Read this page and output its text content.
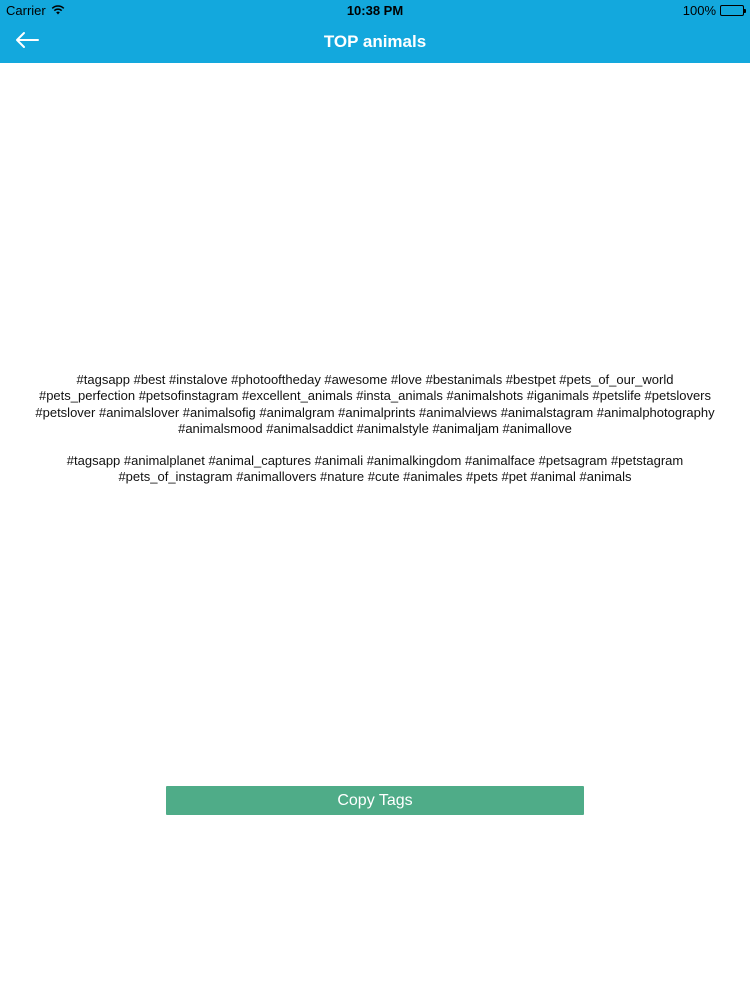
Carrier	10:38 PM	100%
TOP animals

#tagsapp #best #instalove #photooftheday #awesome #love #bestanimals #bestpet #pets_of_our_world #pets_perfection #petsofinstagram #excellent_animals #insta_animals #animalshots #iganimals #petslife #petslovers #petslover #animalslover #animalsofig #animalgram #animalprints #animalviews #animalstagram #animalphotography #animalsmood #animalsaddict #animalstyle #animaljam #animallove

#tagsapp #animalplanet #animal_captures #animali #animalkingdom #animalface #petsagram #petstagram #pets_of_instagram #animallovers #nature #cute #animales #pets #pet #animal #animals

Copy Tags
